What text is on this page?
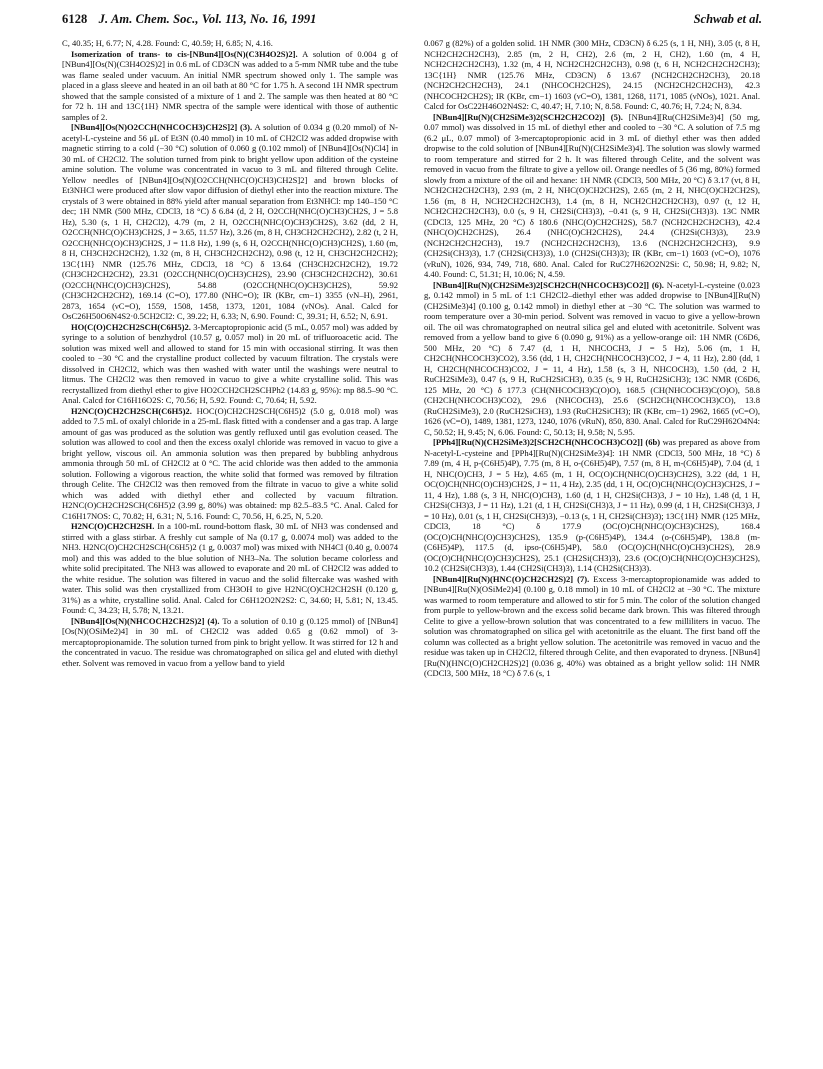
6128 J. Am. Chem. Soc., Vol. 113, No. 16, 1991	Schwab et al.

C, 40.35; H, 6.77; N, 4.28. Found: C, 40.59; H, 6.85; N, 4.16.

Isomerization of trans- to cis-[NBun4][Os(N)(C3H4O2S)2]. A solution of 0.004 g of [NBun4][Os(N)(C3H4O2S)2] in 0.6 mL of CD3CN was added to a 5-mm NMR tube and the tube was flame sealed under vacuum. An initial NMR spectrum showed only 1. The sample was placed in a glass sleeve and heated in an oil bath at 80 °C for 1.75 h. A second 1H NMR spectrum showed that the sample consisted of a mixture of 1 and 2. The sample was then heated at 80 °C for 72 h. 1H and 13C{1H} NMR spectra of the sample were identical with those of authentic samples of 2.

[NBun4][Os(N)O2CCH(NHCOCH3)CH2S]2] (3). A solution of 0.034 g (0.20 mmol) of N-acetyl-L-cysteine and 56 μL of Et3N (0.40 mmol) in 10 mL of CH2Cl2 was added dropwise with magnetic stirring to a cold (−30 °C) solution of 0.060 g (0.102 mmol) of [NBun4][Os(N)Cl4] in 30 mL of CH2Cl2. The solution turned from pink to bright yellow upon addition of the cysteine amine solution. The volume was concentrated in vacuo to 3 mL and filtered through Celite. Yellow needles of [NBun4][Os(N)[O2CCH(NHC(O)CH3)CH2S]2] and brown blocks of Et3NHCl were produced after slow vapor diffusion of diethyl ether into the reaction mixture. The crystals of 3 were obtained in 88% yield after manual separation from Et3NHCl: mp 140–150 °C dec; 1H NMR (500 MHz, CDCl3, 18 °C) δ 6.84 (d, 2 H, O2CCH(NHC(O)CH3)CH2S, J = 5.8 Hz), 5.30 (s, 1 H, CH2Cl2), 4.79 (m, 2 H, O2CCH(NHC(O)CH3)CH2S), 3.62 (dd, 2 H, O2CCH(NHC(O)CH3)CH2S, J = 3.65, 11.57 Hz), 3.26 (m, 8 H, CH3CH2CH2CH2), 2.82 (t, 2 H, O2CCH(NHC(O)CH3)CH2S, J = 11.8 Hz), 1.99 (s, 6 H, O2CCH(NHC(O)CH3)CH2S), 1.60 (m, 8 H, CH3CH2CH2CH2), 1.32 (m, 8 H, CH3CH2CH2CH2), 0.98 (t, 12 H, CH3CH2CH2CH2); 13C{1H} NMR (125.76 MHz, CDCl3, 18 °C) δ 13.64 (CH3CH2CH2CH2), 19.72 (CH3CH2CH2CH2), 23.31 (O2CCH(NHC(O)CH3)CH2S), 23.90 (CH3CH2CH2CH2), 30.61 (O2CCH(NHC(O)CH3)CH2S), 54.88 (O2CCH(NHC(O)CH3)CH2S), 59.92 (CH3CH2CH2CH2), 169.14 (C=O), 177.80 (NHC=O); IR (KBr, cm−1) 3355 (νN–H), 2961, 2873, 1654 (νC=O), 1559, 1508, 1458, 1373, 1201, 1084 (νNOs). Anal. Calcd for OsC26H50O6N4S2·0.5CH2Cl2: C, 39.22; H, 6.33; N, 6.90. Found: C, 39.31; H, 6.52; N, 6.91.

HO(C(O)CH2CH2SCH(C6H5)2. 3-Mercaptopropionic acid (5 mL, 0.057 mol) was added by syringe to a solution of benzhydrol (10.57 g, 0.057 mol) in 20 mL of trifluoroacetic acid. The solution was mixed well and allowed to stand for 15 min with occasional stirring. It was then cooled to −30 °C and the crystalline product collected by vacuum filtration. The crystals were dissolved in CH2Cl2, which was then washed with water until the washings were neutral to litmus. The CH2Cl2 was then removed in vacuo to give a white crystalline solid. This was recrystallized from diethyl ether to give HO2CCH2CH2SCHPh2 (14.83 g, 95%): mp 88.5–90 °C. Anal. Calcd for C16H16O2S: C, 70.56; H, 5.92. Found: C, 70.64; H, 5.92.

H2NC(O)CH2CH2SCH(C6H5)2. HOC(O)CH2CH2SCH(C6H5)2 (5.0 g, 0.018 mol) was added to 7.5 mL of oxalyl chloride in a 25-mL flask fitted with a condenser and a gas trap. A large amount of gas was produced as the solution was gently refluxed until gas evolution ceased. The solution was allowed to cool and then the excess oxalyl chloride was removed in vacuo to give a bright yellow, viscous oil. An ammonia solution was then prepared by bubbling anhydrous ammonia through 50 mL of CH2Cl2 at 0 °C. The acid chloride was then added to the ammonia solution. Following a vigorous reaction, the white solid that formed was removed by filtration through Celite. The CH2Cl2 was then removed from the filtrate in vacuo to give a white solid which was added with diethyl ether and collected by vacuum filtration. H2NC(O)CH2CH2SCH(C6H5)2 (3.99 g, 80%) was obtained: mp 82.5–83.5 °C. Anal. Calcd for C16H17NOS: C, 70.82; H, 6.31; N, 5.16. Found: C, 70.56, H, 6.25, N, 5.20.

H2NC(O)CH2CH2SH. In a 100-mL round-bottom flask, 30 mL of NH3 was condensed and stirred with a glass stirbar. A freshly cut sample of Na (0.17 g, 0.0074 mol) was added to the NH3. H2NC(O)CH2CH2SCH(C6H5)2 (1 g, 0.0037 mol) was mixed with NH4Cl (0.40 g, 0.0074 mol) and this was added to the blue solution of NH3–Na. The solution became colorless and white solid precipitated. The NH3 was allowed to evaporate and 20 mL of CH2Cl2 was added to the white residue. The solution was filtered in vacuo and the solid filtercake was washed with water. This solid was then crystallized from CH3OH to give H2NC(O)CH2CH2SH (0.120 g, 31%) as a white, crystalline solid. Anal. Calcd for C6H12O2N2S2: C, 34.60; H, 5.81; N, 13.45. Found: C, 34.23; H, 5.78; N, 13.21.

[NBun4][Os(N)(NHCOCH2CH2S)2] (4). To a solution of 0.10 g (0.125 mmol) of [NBun4][Os(N)(OSiMe2)4] in 30 mL of CH2Cl2 was added 0.65 g (0.62 mmol) of 3-mercaptopropionamide. The solution turned from pink to bright yellow. It was stirred for 12 h and the concentrated in vacuo. The residue was chromatographed on silica gel and eluted with diethyl ether. Solvent was removed in vacuo from a yellow band to yield

0.067 g (82%) of a golden solid. 1H NMR (300 MHz, CD3CN) δ 6.25 (s, 1 H, NH), 3.05 (t, 8 H, NCH2CH2CH2CH3), 2.85 (m, 2 H, CH2), 2.6 (m, 2 H, CH2), 1.60 (m, 4 H, NCH2CH2CH2CH3), 1.32 (m, 4 H, NCH2CH2CH2CH3), 0.98 (t, 6 H, NCH2CH2CH2CH3); 13C{1H} NMR (125.76 MHz, CD3CN) δ 13.67 (NCH2CH2CH2CH3), 20.18 (NCH2CH2CH2CH3), 24.1 (NHCOCH2CH2S), 24.15 (NCH2CH2CH2CH3), 42.3 (NHCOCH2CH2S); IR (KBr, cm−1) 1603 (νC=O), 1381, 1268, 1171, 1085 (νNOs), 1021. Anal. Calcd for OsC22H46O2N4S2: C, 40.47; H, 7.10; N, 8.58. Found: C, 40.76; H, 7.24; N, 8.34.

[NBun4][Ru(N)(CH2SiMe3)2(SCH2CH2CO2)] (5). [NBun4][Ru(CH2SiMe3)4] (50 mg, 0.07 mmol) was dissolved in 15 mL of diethyl ether and cooled to −30 °C. A solution of 7.5 mg (6.2 μL, 0.07 mmol) of 3-mercaptopropionic acid in 3 mL of diethyl ether was then added dropwise to the cold solution of [NBun4][Ru(N)(CH2SiMe3)4]. The solution was slowly warmed to room temperature and stirred for 2 h. It was filtered through Celite, and the solvent was removed in vacuo from the filtrate to give a yellow oil. Orange needles of 5 (36 mg, 80%) formed slowly from a mixture of the oil and hexane: 1H NMR (CDCl3, 500 MHz, 20 °C) δ 3.17 (vt, 8 H, NCH2CH2CH2CH3), 2.93 (m, 2 H, NHC(O)CH2CH2S), 2.65 (m, 2 H, NHC(O)CH2CH2S), 1.56 (m, 8 H, NCH2CH2CH2CH3), 1.4 (m, 8 H, NCH2CH2CH2CH3), 0.97 (t, 12 H, NCH2CH2CH2CH3), 0.0 (s, 9 H, CH2Si(CH3)3), −0.41 (s, 9 H, CH2Si(CH3)3). 13C NMR (CDCl3, 125 MHz, 20 °C) δ 180.6 (NHC(O)CH2CH2S), 58.7 (NCH2CH2CH2CH3), 42.4 (NHC(O)CH2CH2S), 26.4 (NHC(O)CH2CH2S), 24.4 (CH2Si(CH3)3), 23.9 (NCH2CH2CH2CH3), 19.7 (NCH2CH2CH2CH3), 13.6 (NCH2CH2CH2CH3), 9.9 (CH2Si(CH3)3), 1.7 (CH2Si(CH3)3), 1.0 (CH2Si(CH3)3); IR (KBr, cm−1) 1603 (νC=O), 1076 (νRuN), 1026, 934, 749, 718, 680. Anal. Calcd for RuC27H62O2N2Si: C, 50.98; H, 9.82; N, 4.40. Found: C, 51.31; H, 10.06; N, 4.59.

[NBun4][Ru(N)(CH2SiMe3)2[SCH2CH(NHCOCH3)CO2]] (6). N-acetyl-L-cysteine (0.023 g, 0.142 mmol) in 5 mL of 1:1 CH2Cl2–diethyl ether was added dropwise to [NBun4][Ru(N)(CH2SiMe3)4] (0.100 g, 0.142 mmol) in diethyl ether at −30 °C. The solution was warmed to room temperature over a 30-min period. Solvent was removed in vacuo to give a yellow-brown oil. The oil was chromatographed on neutral silica gel and eluted with acetonitrile. Solvent was removed from a yellow band to give 6 (0.090 g, 91%) as a yellow-orange oil: 1H NMR (C6D6, 500 MHz, 20 °C) δ 7.47 (d, 1 H, NHCOCH3, J = 5 Hz), 5.06 (m, 1 H, CH2CH(NHCOCH3)CO2), 3.56 (dd, 1 H, CH2CH(NHCOCH3)CO2, J = 4, 11 Hz), 2.80 (dd, 1 H, CH2CH(NHCOCH3)CO2, J = 11, 4 Hz), 1.58 (s, 3 H, NHCOCH3), 1.50 (dd, 2 H, RuCH2SiMe3), 0.47 (s, 9 H, RuCH2SiCH3), 0.35 (s, 9 H, RuCH2SiCH3); 13C NMR (C6D6, 125 MHz, 20 °C) δ 177.3 (CH(NHCOCH3)C(O)O), 168.5 (CH(NHCOCH3)C(O)O), 58.8 (CH2CH(NHCOCH3)CO2), 29.6 (NHCOCH3), 25.6 (SCH2CH(NHCOCH3)CO), 13.8 (RuCH2SiMe3), 2.0 (RuCH2SiCH3), 1.93 (RuCH2SiCH3); IR (KBr, cm−1) 2962, 1665 (νC=O), 1626 (νC=O), 1489, 1381, 1273, 1240, 1076 (νRuN), 850, 830. Anal. Calcd for RuC29H62O4N4: C, 50.52; H, 9.45; N, 6.06. Found: C, 50.13; H, 9.58; N, 5.95.

[PPh4][Ru(N)(CH2SiMe3)2[SCH2CH(NHCOCH3)CO2]] (6b) was prepared as above from N-acetyl-L-cysteine and [PPh4][Ru(N)(CH2SiMe3)4]: 1H NMR (CDCl3, 500 MHz, 18 °C) δ 7.89 (m, 4 H, p-(C6H5)4P), 7.75 (m, 8 H, o-(C6H5)4P), 7.57 (m, 8 H, m-(C6H5)4P), 7.04 (d, 1 H, NHC(O)CH3, J = 5 Hz), 4.65 (m, 1 H, OC(O)CH(NHC(O)CH3)CH2S), 3.22 (dd, 1 H, OC(O)CH(NHC(O)CH3)CH2S, J = 11, 4 Hz), 2.35 (dd, 1 H, OC(O)CH(NHC(O)CH3)CH2S, J = 11, 4 Hz), 1.88 (s, 3 H, NHC(O)CH3), 1.60 (d, 1 H, CH2Si(CH3)3, J = 10 Hz), 1.48 (d, 1 H, CH2Si(CH3)3, J = 11 Hz), 1.21 (d, 1 H, CH2Si(CH3)3, J = 11 Hz), 0.99 (d, 1 H, CH2Si(CH3)3, J = 10 Hz), 0.01 (s, 1 H, CH2Si(CH3)3), −0.13 (s, 1 H, CH2Si(CH3)3); 13C{1H} NMR (125 MHz, CDCl3, 18 °C) δ 177.9 (OC(O)CH(NHC(O)CH3)CH2S), 168.4 (OC(O)CH(NHC(O)CH3)CH2S), 135.9 (p-(C6H5)4P), 134.4 (o-(C6H5)4P), 138.8 (m-(C6H5)4P), 117.5 (d, ipso-(C6H5)4P), 58.0 (OC(O)CH(NHC(O)CH3)CH2S), 28.9 (OC(O)CH(NHC(O)CH3)CH2S), 25.1 (CH2Si(CH3)3), 23.6 (OC(O)CH(NHC(O)CH3)CH2S), 10.2 (CH2Si(CH3)3), 1.44 (CH2Si(CH3)3), 1.14 (CH2Si(CH3)3).

[NBun4][Ru(N)(HNC(O)CH2CH2S)2] (7). Excess 3-mercaptopropionamide was added to [NBun4][Ru(N)(OSiMe2)4] (0.100 g, 0.18 mmol) in 10 mL of CH2Cl2 at −30 °C. The mixture was warmed to room temperature and allowed to stir for 5 min. The color of the solution changed from purple to yellow-brown and the excess solid became dark brown. This was filtered through Celite to give a yellow-brown solution that was concentrated to a few milliliters in vacuo. The solution was chromatographed on silica gel with acetonitrile as the eluant. The first band off the column was collected as a bright yellow solution. The acetonitrile was removed in vacuo and the residue was taken up in CH2Cl2, filtered through Celite, and then evaporated to dryness. [NBun4][Ru(N)(HNC(O)CH2CH2S)2] (0.036 g, 40%) was obtained as a bright yellow solid: 1H NMR (CDCl3, 500 MHz, 18 °C) δ 7.6 (s, 1
